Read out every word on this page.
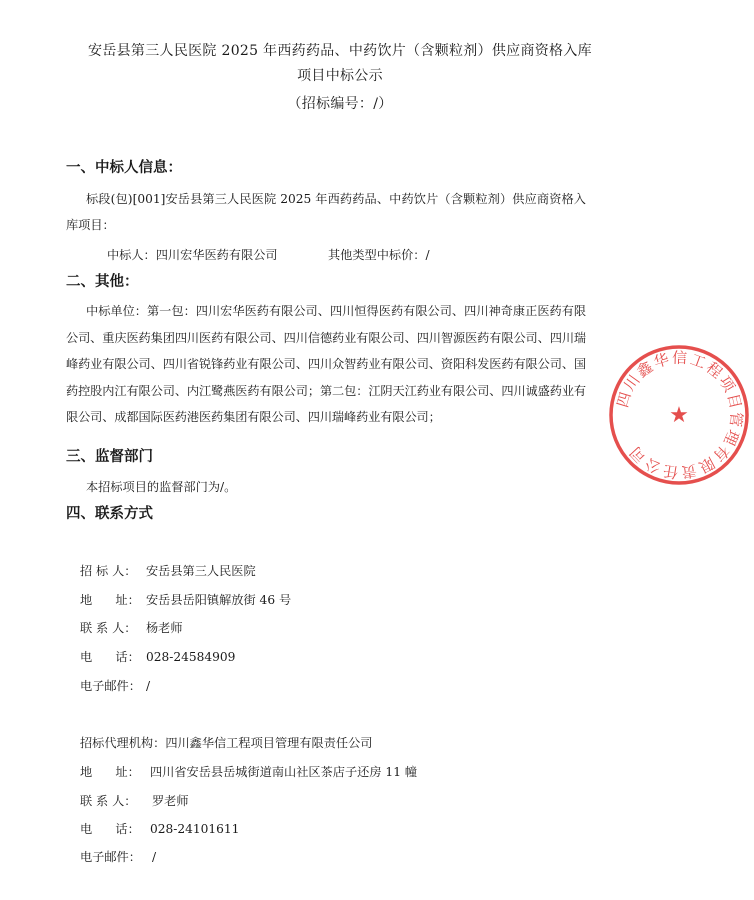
安岳县第三人民医院 2025 年西药药品、中药饮片（含颗粒剂）供应商资格入库
项目中标公示
（招标编号：/）
一、中标人信息：
标段(包)[001]安岳县第三人民医院 2025 年西药药品、中药饮片（含颗粒剂）供应商资格入库项目：
中标人：四川宏华医药有限公司	其他类型中标价：/
二、其他：
中标单位：第一包：四川宏华医药有限公司、四川恒得医药有限公司、四川神奇康正医药有限公司、重庆医药集团四川医药有限公司、四川信德药业有限公司、四川智源医药有限公司、四川瑞峰药业有限公司、四川省锐锋药业有限公司、四川众智药业有限公司、资阳科发医药有限公司、国药控股内江有限公司、内江鹭燕医药有限公司；第二包：江阴天江药业有限公司、四川诚盛药业有限公司、成都国际医药港医药集团有限公司、四川瑞峰药业有限公司；
三、监督部门
本招标项目的监督部门为/。
四、联系方式
招 标 人： 安岳县第三人民医院
地      址： 安岳县岳阳镇解放街 46 号
联 系 人： 杨老师
电      话： 028-24584909
电子邮件： /
招标代理机构：四川鑫华信工程项目管理有限责任公司
地      址： 四川省安岳县岳城街道南山社区茶店子还房 11 幢
联 系 人： 罗老师
电      话： 028-24101611
电子邮件： /
四川鑫华信工程项目管理有限责任公司
★
